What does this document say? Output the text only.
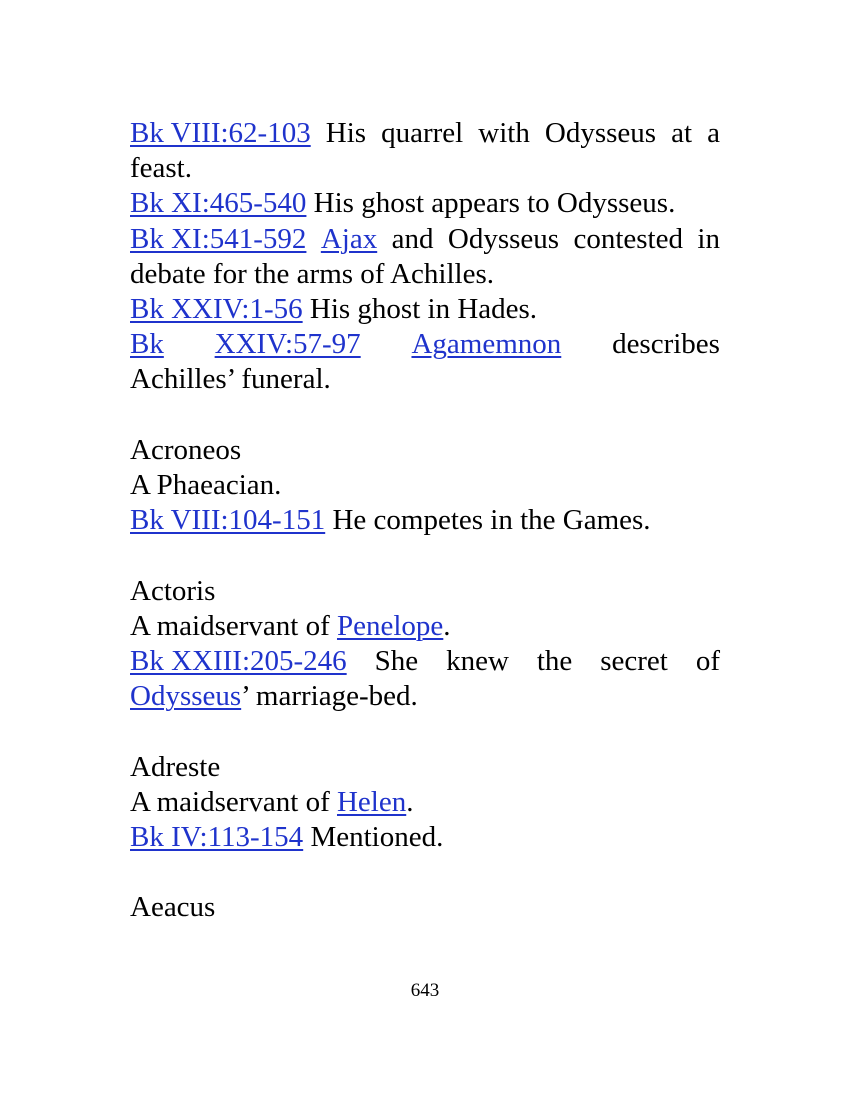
Bk VIII:62-103 His quarrel with Odysseus at a
feast.
Bk XI:465-540 His ghost appears to Odysseus.
Bk XI:541-592 Ajax and Odysseus contested in
debate for the arms of Achilles.
Bk XXIV:1-56 His ghost in Hades.
Bk XXIV:57-97 Agamemnon describes
Achilles’ funeral.
Acroneos
A Phaeacian.
Bk VIII:104-151 He competes in the Games.
Actoris
A maidservant of Penelope.
Bk XXIII:205-246 She knew the secret of
Odysseus’ marriage-bed.
Adreste
A maidservant of Helen.
Bk IV:113-154 Mentioned.
Aeacus
643
